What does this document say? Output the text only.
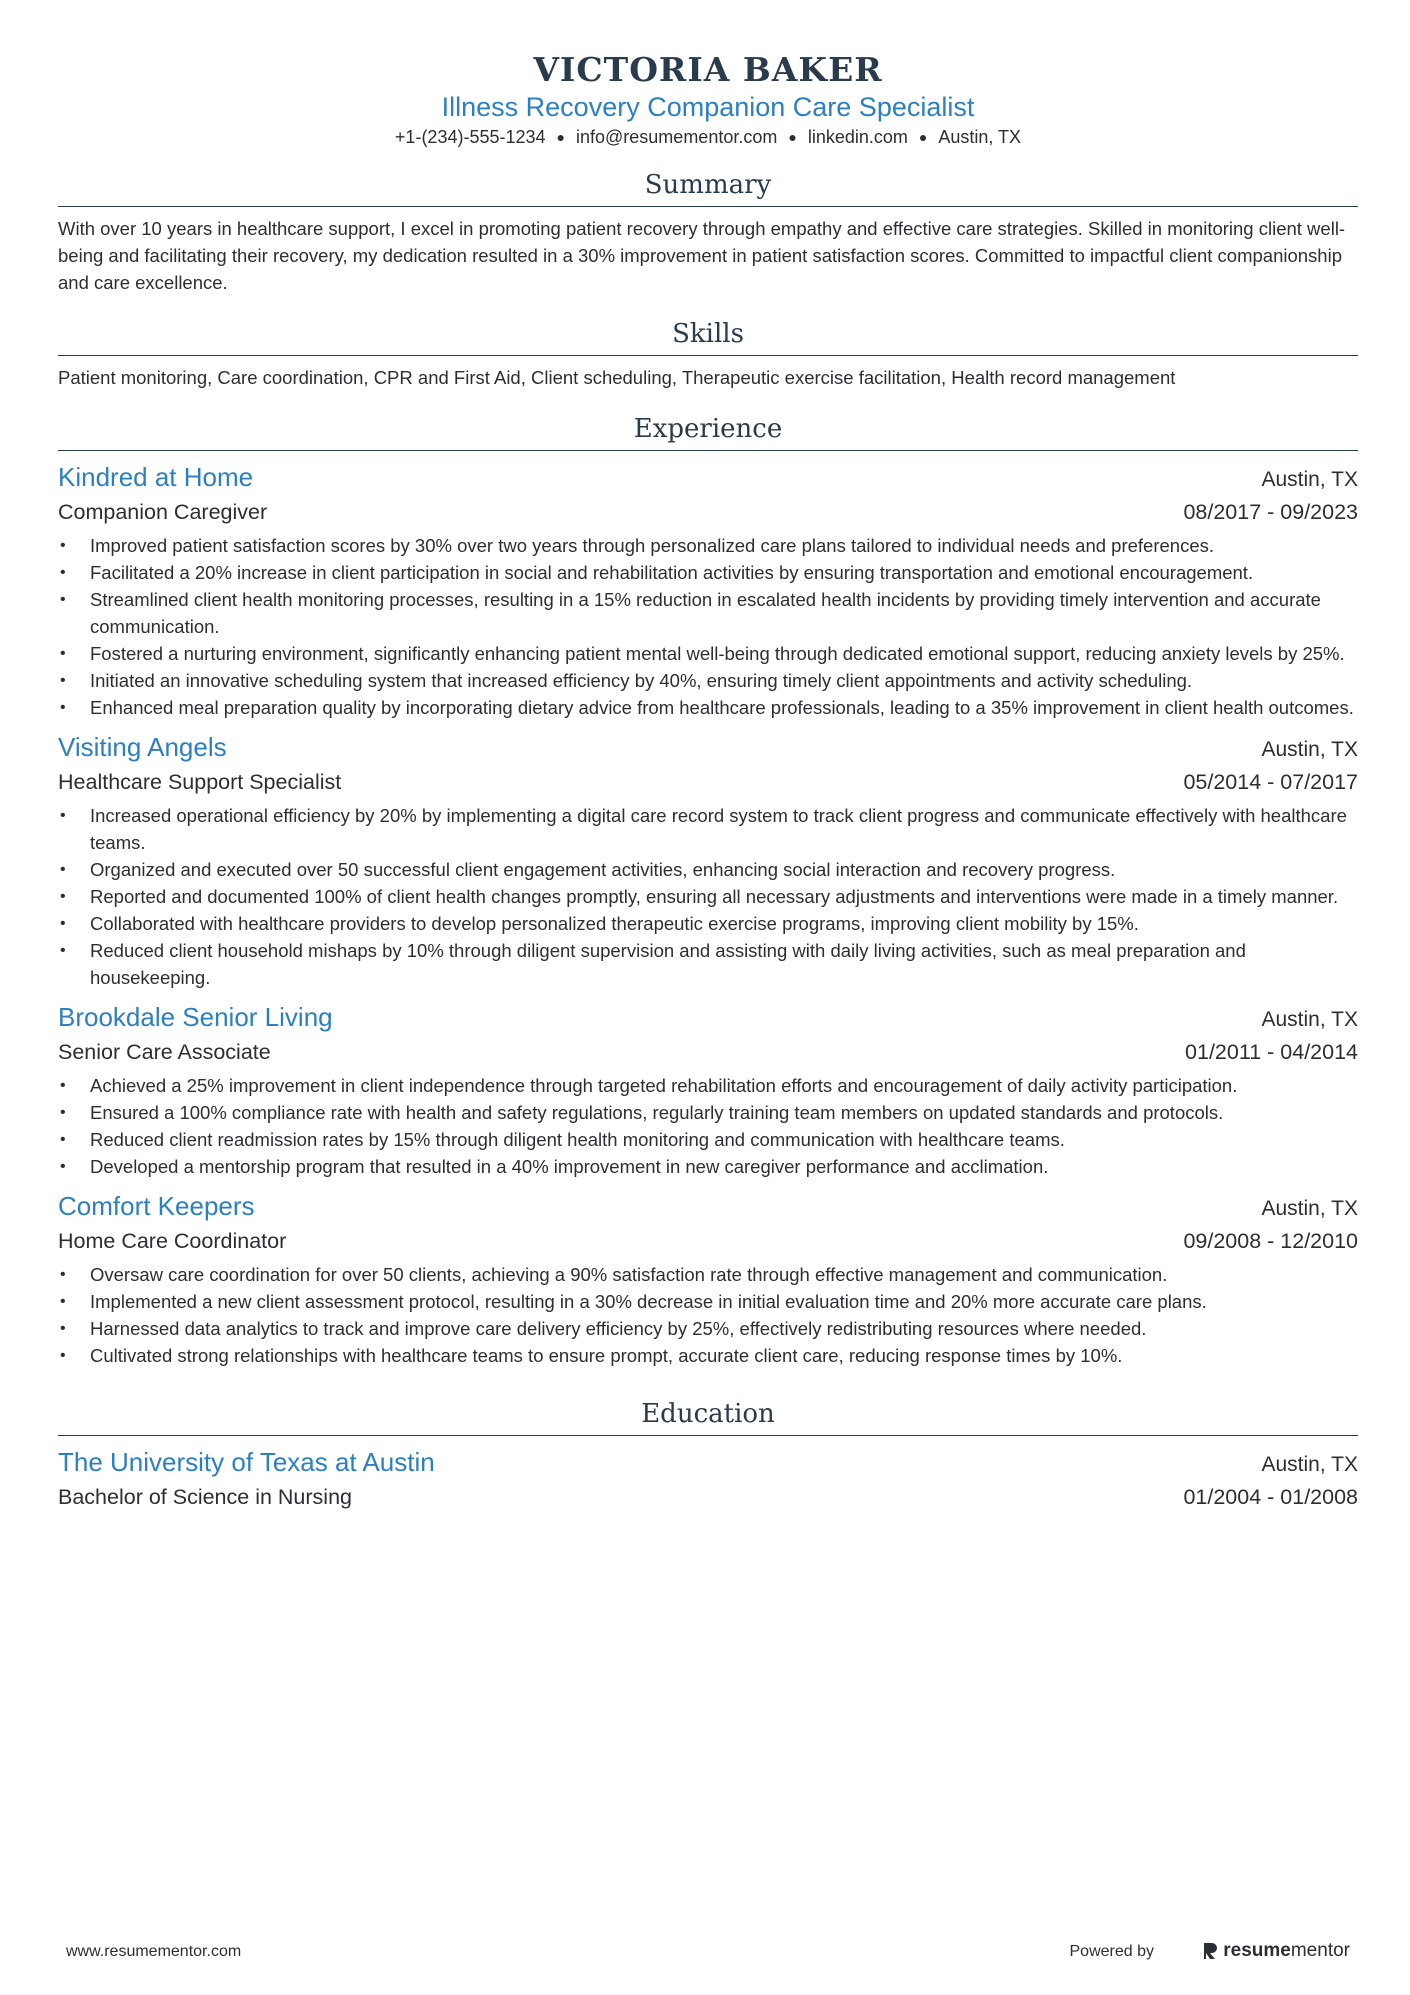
VICTORIA BAKER
Illness Recovery Companion Care Specialist
+1-(234)-555-1234 ● info@resumementor.com ● linkedin.com ● Austin, TX
Summary
With over 10 years in healthcare support, I excel in promoting patient recovery through empathy and effective care strategies. Skilled in monitoring client well-being and facilitating their recovery, my dedication resulted in a 30% improvement in patient satisfaction scores. Committed to impactful client companionship and care excellence.
Skills
Patient monitoring, Care coordination, CPR and First Aid, Client scheduling, Therapeutic exercise facilitation, Health record management
Experience
Kindred at Home	Austin, TX
Companion Caregiver	08/2017 - 09/2023
• Improved patient satisfaction scores by 30% over two years through personalized care plans tailored to individual needs and preferences.
• Facilitated a 20% increase in client participation in social and rehabilitation activities by ensuring transportation and emotional encouragement.
• Streamlined client health monitoring processes, resulting in a 15% reduction in escalated health incidents by providing timely intervention and accurate communication.
• Fostered a nurturing environment, significantly enhancing patient mental well-being through dedicated emotional support, reducing anxiety levels by 25%.
• Initiated an innovative scheduling system that increased efficiency by 40%, ensuring timely client appointments and activity scheduling.
• Enhanced meal preparation quality by incorporating dietary advice from healthcare professionals, leading to a 35% improvement in client health outcomes.
Visiting Angels	Austin, TX
Healthcare Support Specialist	05/2014 - 07/2017
• Increased operational efficiency by 20% by implementing a digital care record system to track client progress and communicate effectively with healthcare teams.
• Organized and executed over 50 successful client engagement activities, enhancing social interaction and recovery progress.
• Reported and documented 100% of client health changes promptly, ensuring all necessary adjustments and interventions were made in a timely manner.
• Collaborated with healthcare providers to develop personalized therapeutic exercise programs, improving client mobility by 15%.
• Reduced client household mishaps by 10% through diligent supervision and assisting with daily living activities, such as meal preparation and housekeeping.
Brookdale Senior Living	Austin, TX
Senior Care Associate	01/2011 - 04/2014
• Achieved a 25% improvement in client independence through targeted rehabilitation efforts and encouragement of daily activity participation.
• Ensured a 100% compliance rate with health and safety regulations, regularly training team members on updated standards and protocols.
• Reduced client readmission rates by 15% through diligent health monitoring and communication with healthcare teams.
• Developed a mentorship program that resulted in a 40% improvement in new caregiver performance and acclimation.
Comfort Keepers	Austin, TX
Home Care Coordinator	09/2008 - 12/2010
• Oversaw care coordination for over 50 clients, achieving a 90% satisfaction rate through effective management and communication.
• Implemented a new client assessment protocol, resulting in a 30% decrease in initial evaluation time and 20% more accurate care plans.
• Harnessed data analytics to track and improve care delivery efficiency by 25%, effectively redistributing resources where needed.
• Cultivated strong relationships with healthcare teams to ensure prompt, accurate client care, reducing response times by 10%.
Education
The University of Texas at Austin	Austin, TX
Bachelor of Science in Nursing	01/2004 - 01/2008
www.resumementor.com	Powered by	resume mentor
